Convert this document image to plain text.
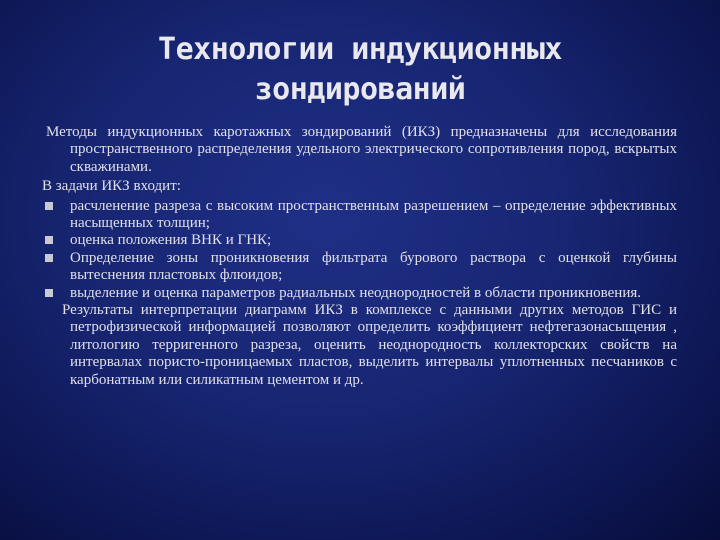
Технологии индукционных
зондирований

Методы индукционных каротажных зондирований (ИКЗ) предназначены для исследования пространственного распределения удельного электрического сопротивления пород, вскрытых скважинами.

В задачи ИКЗ входит:

расчленение разреза с высоким пространственным разрешением – определение эффективных насыщенных толщин;
оценка положения ВНК и ГНК;
Определение зоны проникновения фильтрата бурового раствора с оценкой глубины вытеснения пластовых флюидов;
выделение и оценка параметров радиальных неоднородностей в области проникновения.

Результаты интерпретации диаграмм ИКЗ в комплексе с данными других методов ГИС и петрофизической информацией позволяют определить коэффициент нефтегазонасыщения , литологию терригенного разреза, оценить неоднородность коллекторских свойств на интервалах пористо-проницаемых пластов, выделить интервалы уплотненных песчаников с карбонатным или силикатным цементом и др.
